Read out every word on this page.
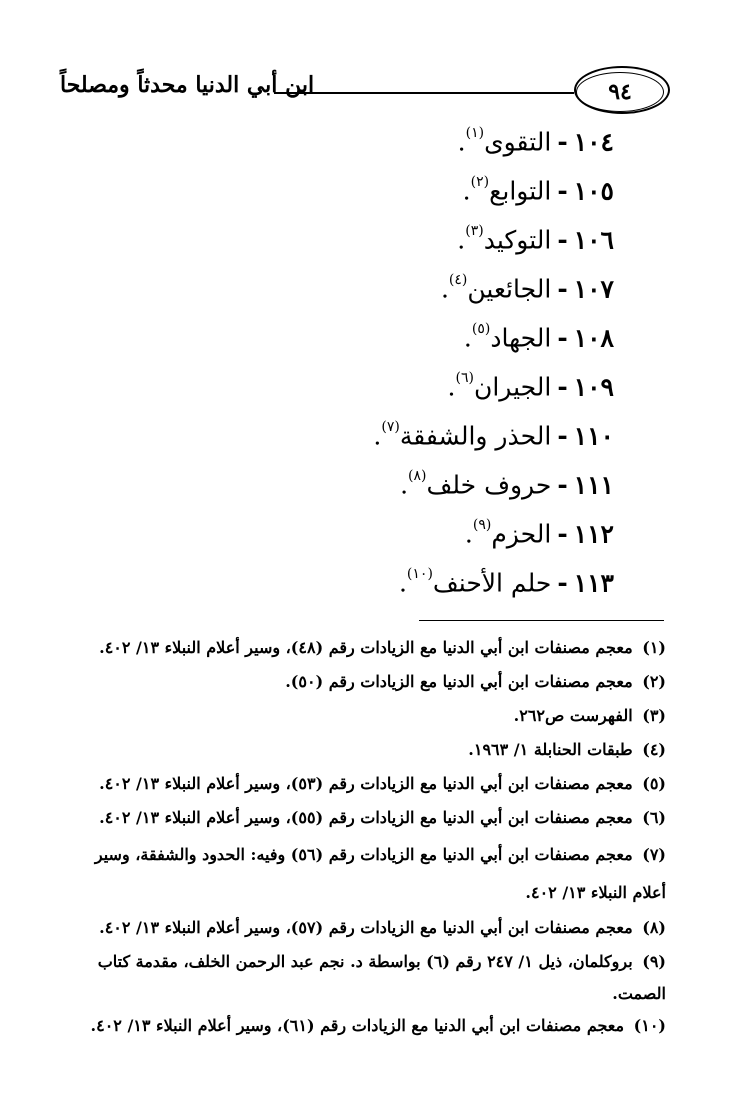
٩٤
ابن أبي الدنيا محدثاً ومصلحاً
١٠٤-التقوى$^{(١)}$.
١٠٥-التوابع$^{(٢)}$.
١٠٦-التوكيد$^{(٣)}$.
١٠٧-الجائعين$^{(٤)}$.
١٠٨-الجهاد$^{(٥)}$.
١٠٩-الجيران$^{(٦)}$.
١١٠-الحذر والشفقة$^{(٧)}$.
١١١-حروف خلف$^{(٨)}$.
١١٢-الحزم$^{(٩)}$.
١١٣-حلم الأحنف$^{(١٠)}$.
(١) معجم مصنفات ابن أبي الدنيا مع الزيادات رقم (٤٨)، وسير أعلام النبلاء ١٣/ ٤٠٢.
(٢) معجم مصنفات ابن أبي الدنيا مع الزيادات رقم (٥٠).
(٣) الفهرست ص٢٦٢.
(٤) طبقات الحنابلة ١/ ١٩٦٣.
(٥) معجم مصنفات ابن أبي الدنيا مع الزيادات رقم (٥٣)، وسير أعلام النبلاء ١٣/ ٤٠٢.
(٦) معجم مصنفات ابن أبي الدنيا مع الزيادات رقم (٥٥)، وسير أعلام النبلاء ١٣/ ٤٠٢.
(٧) معجم مصنفات ابن أبي الدنيا مع الزيادات رقم (٥٦) وفيه: الحدود والشفقة، وسير أعلام النبلاء ١٣/ ٤٠٢.
(٨) معجم مصنفات ابن أبي الدنيا مع الزيادات رقم (٥٧)، وسير أعلام النبلاء ١٣/ ٤٠٢.
(٩) بروكلمان، ذيل ١/ ٢٤٧ رقم (٦) بواسطة د. نجم عبد الرحمن الخلف، مقدمة كتاب الصمت.
(١٠) معجم مصنفات ابن أبي الدنيا مع الزيادات رقم (٦١)، وسير أعلام النبلاء ١٣/ ٤٠٢.
